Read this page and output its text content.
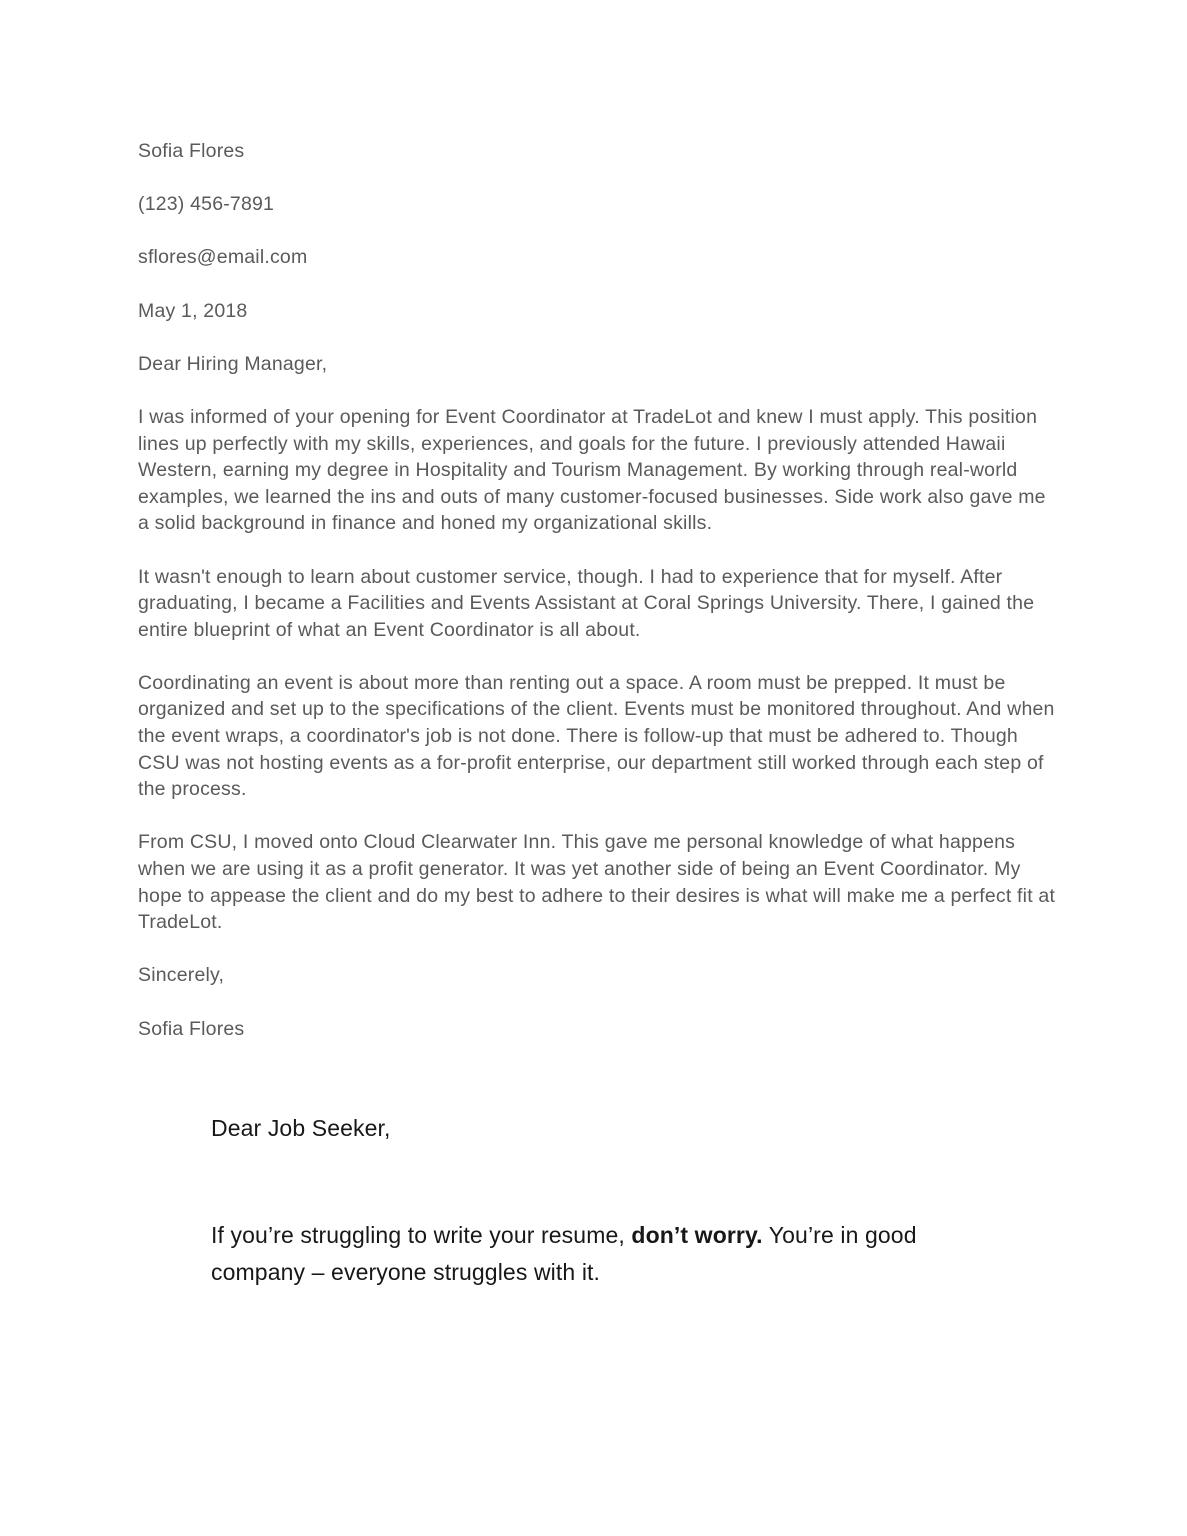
Sofia Flores

(123) 456-7891

sflores@email.com

May 1, 2018

Dear Hiring Manager,

I was informed of your opening for Event Coordinator at TradeLot and knew I must apply. This position lines up perfectly with my skills, experiences, and goals for the future. I previously attended Hawaii Western, earning my degree in Hospitality and Tourism Management. By working through real-world examples, we learned the ins and outs of many customer-focused businesses. Side work also gave me a solid background in finance and honed my organizational skills.

It wasn't enough to learn about customer service, though. I had to experience that for myself. After graduating, I became a Facilities and Events Assistant at Coral Springs University. There, I gained the entire blueprint of what an Event Coordinator is all about.

Coordinating an event is about more than renting out a space. A room must be prepped. It must be organized and set up to the specifications of the client. Events must be monitored throughout. And when the event wraps, a coordinator's job is not done. There is follow-up that must be adhered to. Though CSU was not hosting events as a for-profit enterprise, our department still worked through each step of the process.

From CSU, I moved onto Cloud Clearwater Inn. This gave me personal knowledge of what happens when we are using it as a profit generator. It was yet another side of being an Event Coordinator. My hope to appease the client and do my best to adhere to their desires is what will make me a perfect fit at TradeLot.

Sincerely,

Sofia Flores

Dear Job Seeker,

If you’re struggling to write your resume, don’t worry. You’re in good company – everyone struggles with it.
